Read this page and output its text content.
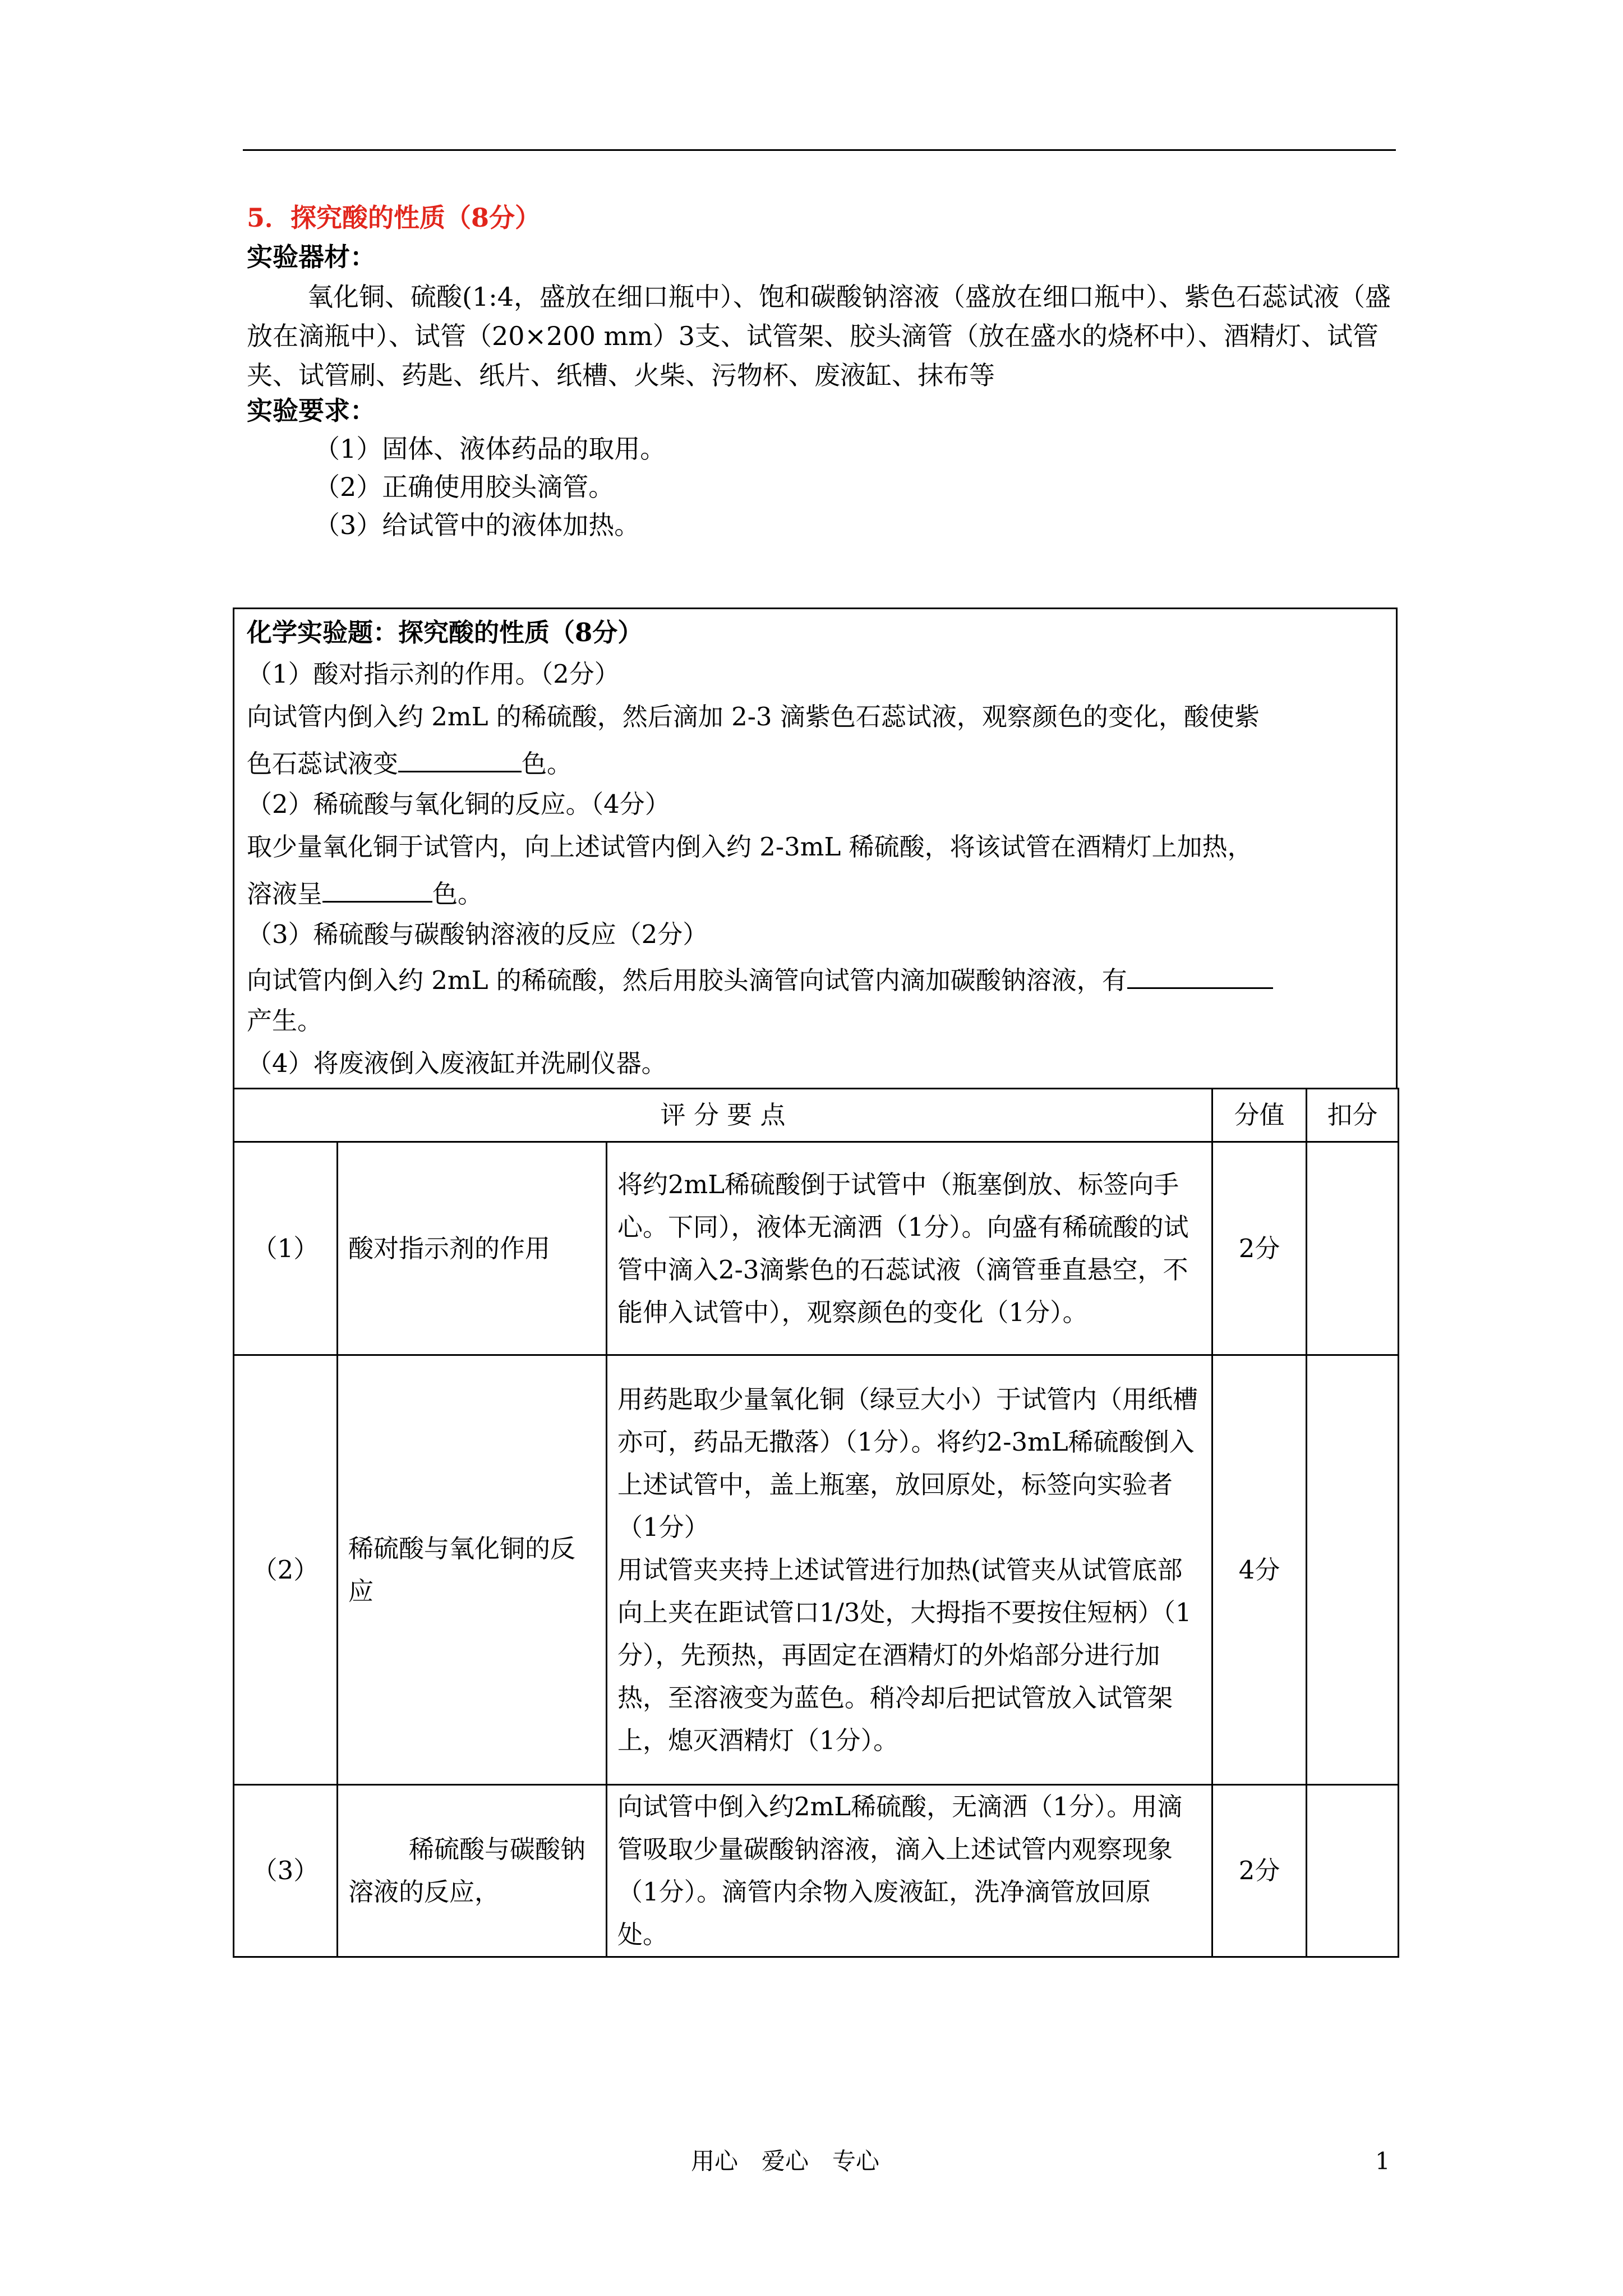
5．探究酸的性质（8分）
实验器材：
氧化铜、硫酸(1:4，盛放在细口瓶中）、饱和碳酸钠溶液（盛放在细口瓶中）、紫色石蕊试液（盛放在滴瓶中）、试管（20×200 mm）3支、试管架、胶头滴管（放在盛水的烧杯中）、酒精灯、试管夹、试管刷、药匙、纸片、纸槽、火柴、污物杯、废液缸、抹布等
实验要求：
（1）固体、液体药品的取用。
（2）正确使用胶头滴管。
（3）给试管中的液体加热。
化学实验题：探究酸的性质（8分）
（1）酸对指示剂的作用。（2分）
向试管内倒入约 2mL 的稀硫酸，然后滴加 2-3 滴紫色石蕊试液，观察颜色的变化，酸使紫
色石蕊试液变	色。
（2）稀硫酸与氧化铜的反应。（4分）
取少量氧化铜于试管内，向上述试管内倒入约 2-3mL 稀硫酸，将该试管在酒精灯上加热，
溶液呈	色。
（3）稀硫酸与碳酸钠溶液的反应（2分）
向试管内倒入约 2mL 的稀硫酸，然后用胶头滴管向试管内滴加碳酸钠溶液，有
产生。
（4）将废液倒入废液缸并洗刷仪器。
评 分 要 点			分值	扣分
（1）	酸对指示剂的作用	将约2mL稀硫酸倒于试管中（瓶塞倒放、标签向手心。下同），液体无滴洒（1分）。向盛有稀硫酸的试管中滴入2-3滴紫色的石蕊试液（滴管垂直悬空，不能伸入试管中），观察颜色的变化（1分）。	2分	
（2）	稀硫酸与氧化铜的反应	用药匙取少量氧化铜（绿豆大小）于试管内（用纸槽亦可，药品无撒落）（1分）。将约2-3mL稀硫酸倒入上述试管中，盖上瓶塞，放回原处，标签向实验者（1分）
用试管夹夹持上述试管进行加热(试管夹从试管底部向上夹在距试管口1/3处，大拇指不要按住短柄）（1分），先预热，再固定在酒精灯的外焰部分进行加热，至溶液变为蓝色。稍冷却后把试管放入试管架上，熄灭酒精灯（1分）。	4分	
（3）	稀硫酸与碳酸钠溶液的反应，	向试管中倒入约2mL稀硫酸，无滴洒（1分）。用滴管吸取少量碳酸钠溶液，滴入上述试管内观察现象（1分）。滴管内余物入废液缸，洗净滴管放回原处。	2分	
用心　爱心　专心	1
